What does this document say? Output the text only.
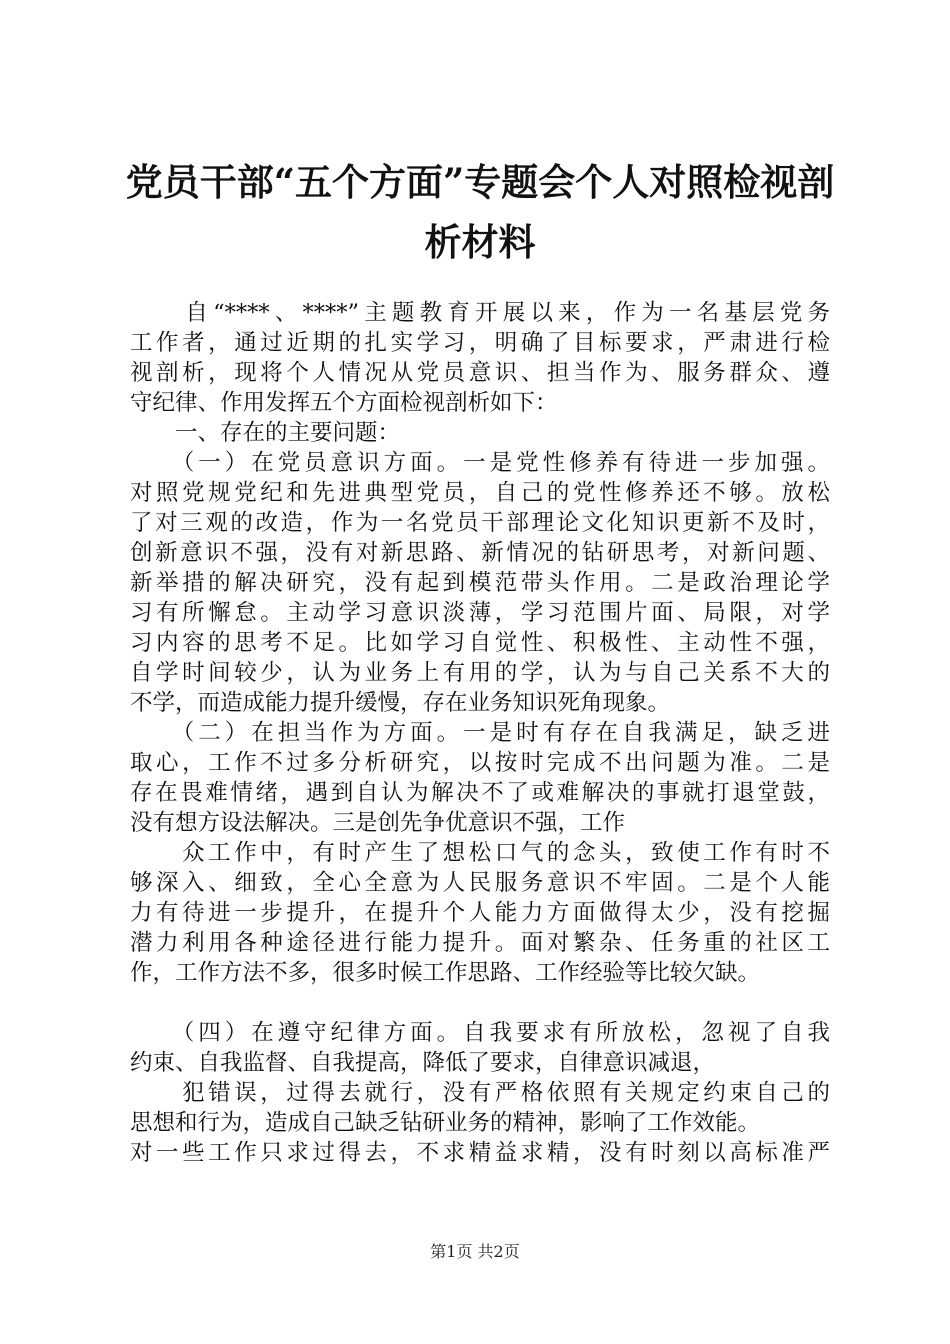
党员干部“五个方面”专题会个人对照检视剖
析材料
　　自“****、****”主题教育开展以来，作为一名基层党务
工作者，通过近期的扎实学习，明确了目标要求，严肃进行检
视剖析，现将个人情况从党员意识、担当作为、服务群众、遵
守纪律、作用发挥五个方面检视剖析如下：
　　一、存在的主要问题：
　　（一）在党员意识方面。一是党性修养有待进一步加强。
对照党规党纪和先进典型党员，自己的党性修养还不够。放松
了对三观的改造，作为一名党员干部理论文化知识更新不及时，
创新意识不强，没有对新思路、新情况的钻研思考，对新问题、
新举措的解决研究，没有起到模范带头作用。二是政治理论学
习有所懈怠。主动学习意识淡薄，学习范围片面、局限，对学
习内容的思考不足。比如学习自觉性、积极性、主动性不强，
自学时间较少，认为业务上有用的学，认为与自己关系不大的
不学，而造成能力提升缓慢，存在业务知识死角现象。
　　（二）在担当作为方面。一是时有存在自我满足，缺乏进
取心，工作不过多分析研究，以按时完成不出问题为准。二是
存在畏难情绪，遇到自认为解决不了或难解决的事就打退堂鼓，
没有想方设法解决。三是创先争优意识不强，工作
　　众工作中，有时产生了想松口气的念头，致使工作有时不
够深入、细致，全心全意为人民服务意识不牢固。二是个人能
力有待进一步提升，在提升个人能力方面做得太少，没有挖掘
潜力利用各种途径进行能力提升。面对繁杂、任务重的社区工
作，工作方法不多，很多时候工作思路、工作经验等比较欠缺。
　　（四）在遵守纪律方面。自我要求有所放松，忽视了自我
约束、自我监督、自我提高，降低了要求，自律意识减退，
　　犯错误，过得去就行，没有严格依照有关规定约束自己的
思想和行为，造成自己缺乏钻研业务的精神，影响了工作效能。
对一些工作只求过得去，不求精益求精，没有时刻以高标准严
第1页 共2页
